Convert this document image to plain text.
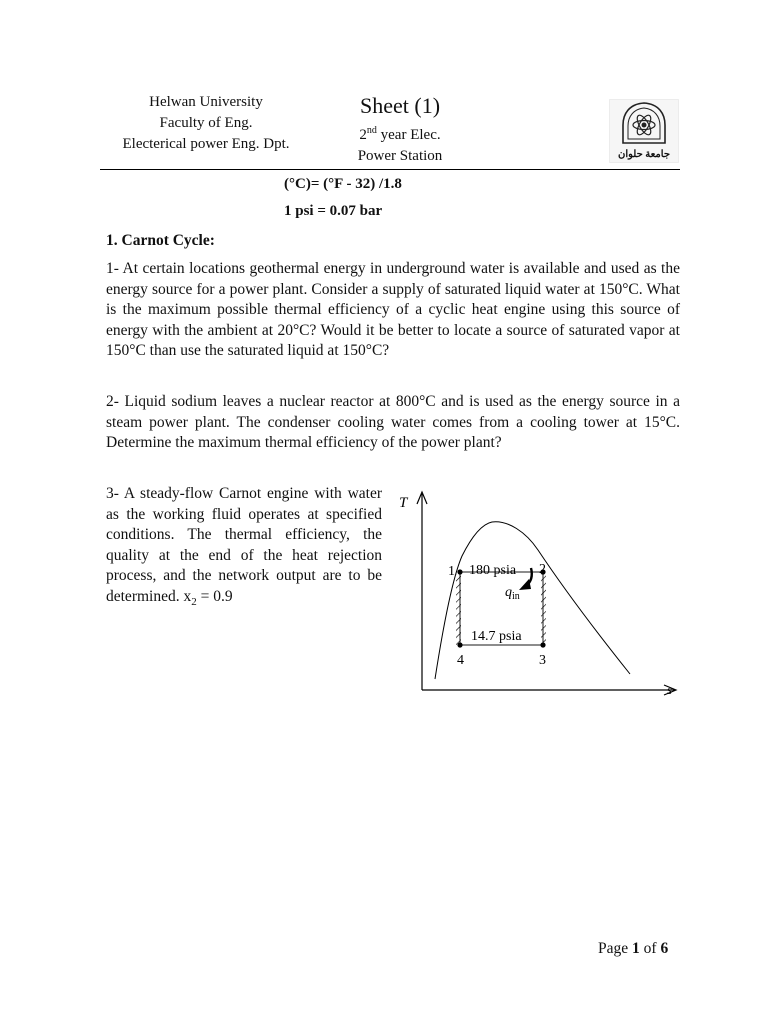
Helwan University
Faculty of Eng.
Electerical power Eng. Dpt.
Sheet (1)
2nd year Elec.
Power Station	جامعة حلوان
(°C)= (°F - 32) /1.8
1 psi = 0.07 bar
1. Carnot Cycle:
1- At certain locations geothermal energy in underground water is available and used as the energy source for a power plant. Consider a supply of saturated liquid water at 150°C. What is the maximum possible thermal efficiency of a cyclic heat engine using this source of energy with the ambient at 20°C? Would it be better to locate a source of saturated vapor at 150°C than use the saturated liquid at 150°C?
2- Liquid sodium leaves a nuclear reactor at 800°C and is used as the energy source in a steam power plant. The condenser cooling water comes from a cooling tower at 15°C. Determine the maximum thermal efficiency of the power plant?
3- A steady-flow Carnot engine with water as the working fluid operates at specified conditions. The thermal efficiency, the quality at the end of the heat rejection process, and the network output are to be determined. $x_2 = 0.9$
T
s
1	2
3
4
180 psia
14.7 psia
$q_{in}$
Page 1 of 6
